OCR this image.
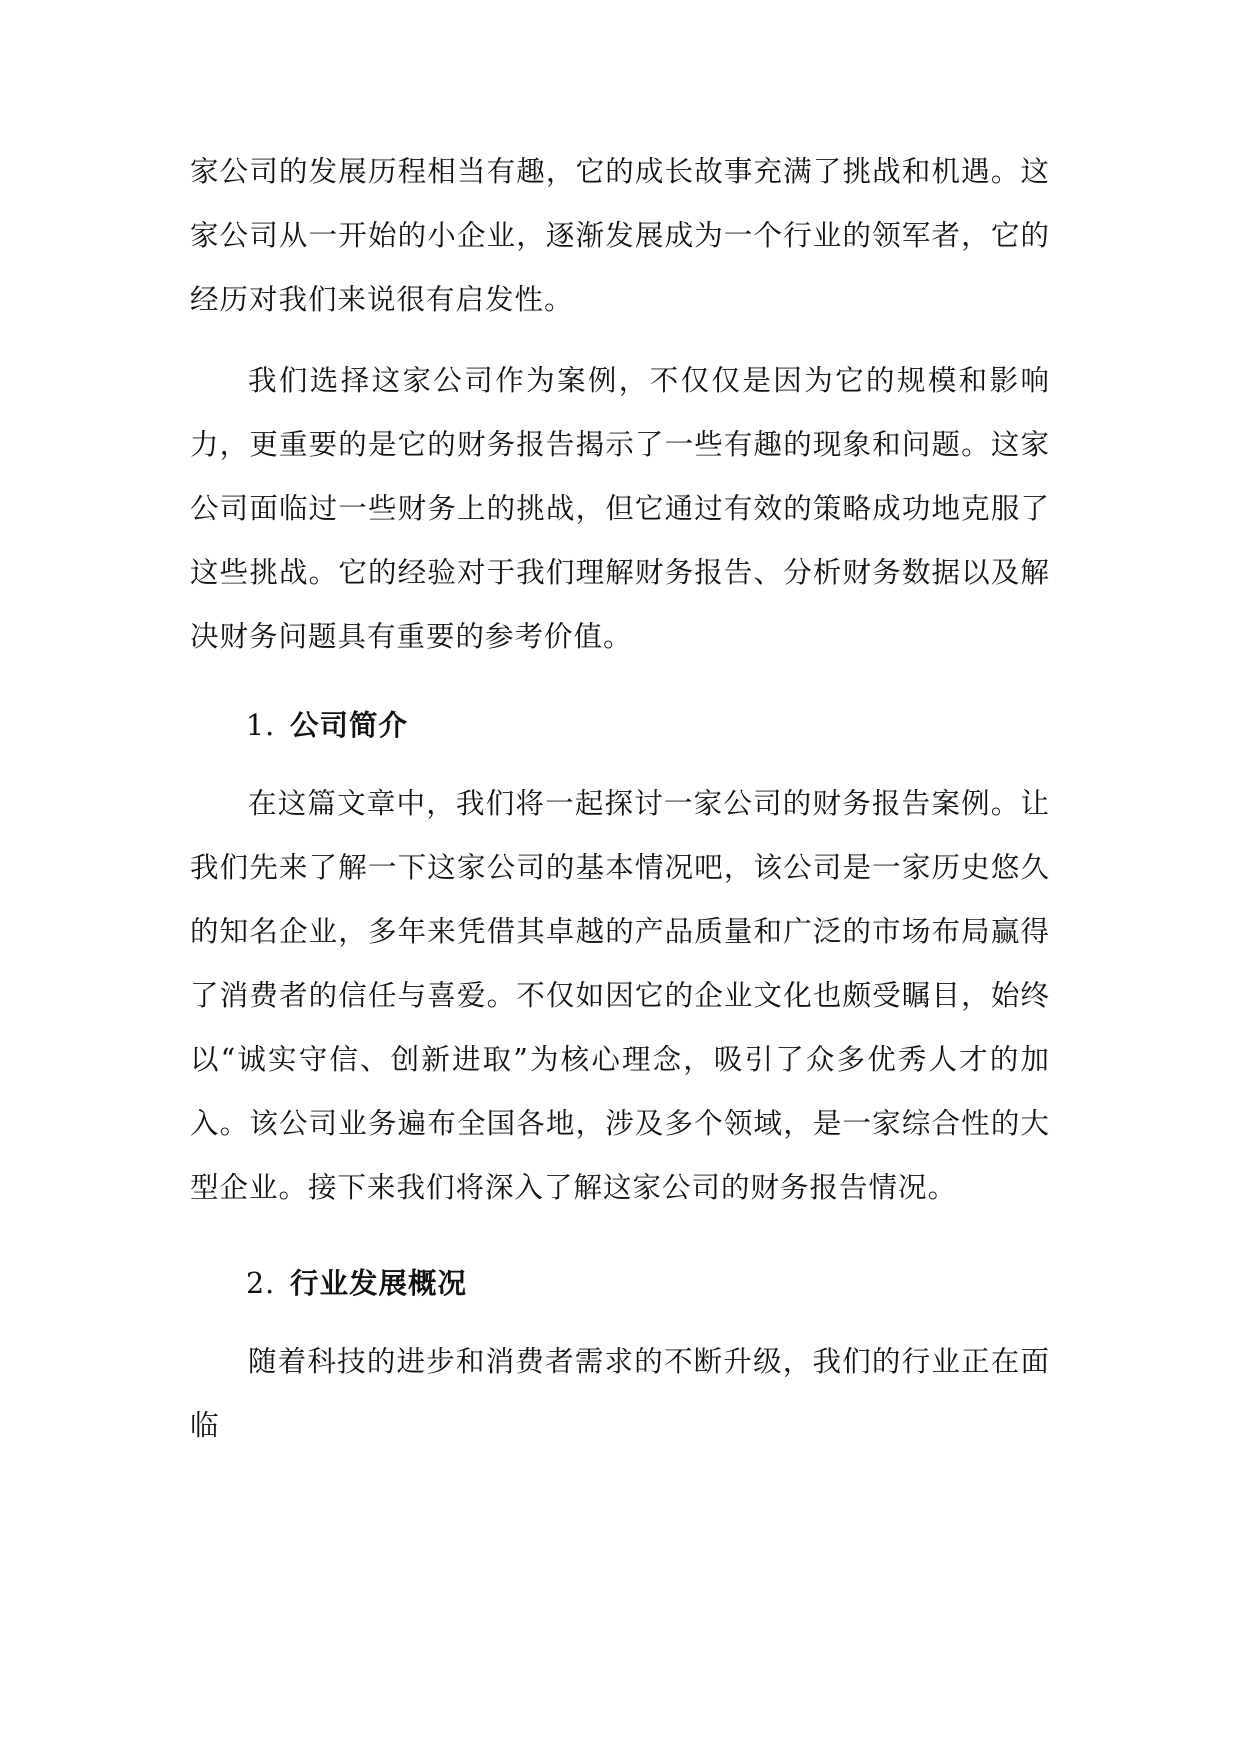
家公司的发展历程相当有趣，它的成长故事充满了挑战和机遇。这家公司从一开始的小企业，逐渐发展成为一个行业的领军者，它的经历对我们来说很有启发性。

我们选择这家公司作为案例，不仅仅是因为它的规模和影响力，更重要的是它的财务报告揭示了一些有趣的现象和问题。这家公司面临过一些财务上的挑战，但它通过有效的策略成功地克服了这些挑战。它的经验对于我们理解财务报告、分析财务数据以及解决财务问题具有重要的参考价值。

1. 公司简介

在这篇文章中，我们将一起探讨一家公司的财务报告案例。让我们先来了解一下这家公司的基本情况吧，该公司是一家历史悠久的知名企业，多年来凭借其卓越的产品质量和广泛的市场布局赢得了消费者的信任与喜爱。不仅如因它的企业文化也颇受瞩目，始终以“诚实守信、创新进取”为核心理念，吸引了众多优秀人才的加入。该公司业务遍布全国各地，涉及多个领域，是一家综合性的大型企业。接下来我们将深入了解这家公司的财务报告情况。

2. 行业发展概况

随着科技的进步和消费者需求的不断升级，我们的行业正在面临
